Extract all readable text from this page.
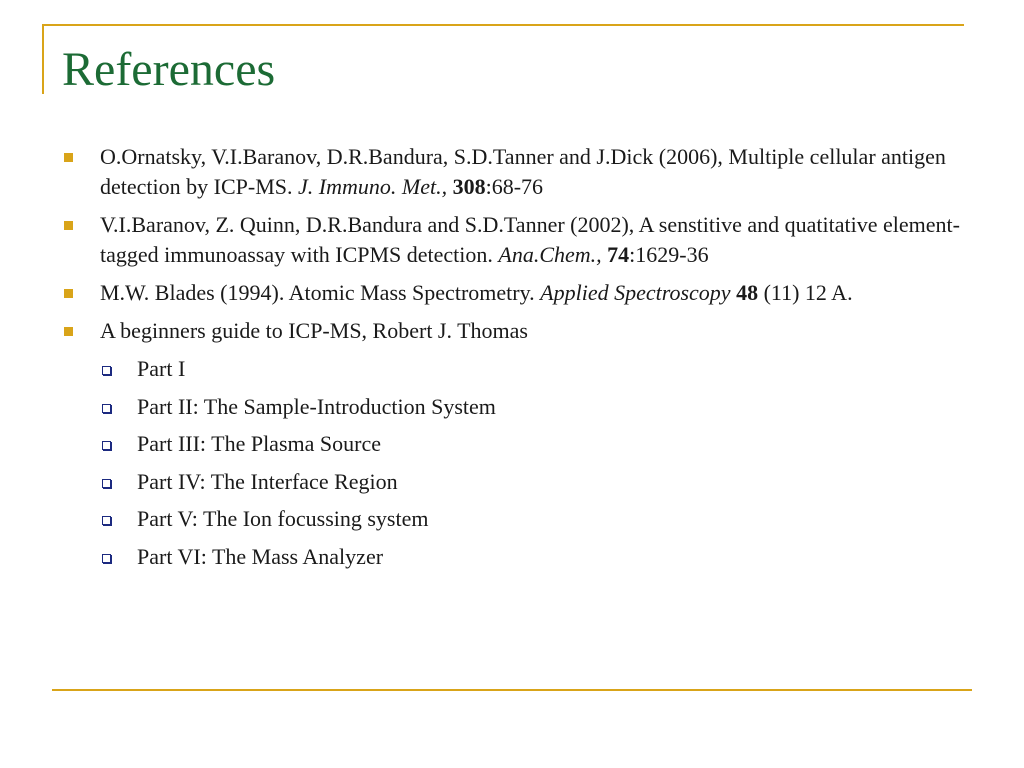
References
O.Ornatsky, V.I.Baranov, D.R.Bandura, S.D.Tanner and J.Dick (2006), Multiple cellular antigen detection by ICP-MS. J. Immuno. Met., 308:68-76
V.I.Baranov, Z. Quinn, D.R.Bandura and S.D.Tanner (2002), A senstitive and quatitative element-tagged immunoassay with ICPMS detection. Ana.Chem., 74:1629-36
M.W. Blades (1994). Atomic Mass Spectrometry. Applied Spectroscopy 48 (11) 12 A.
A beginners guide to ICP-MS, Robert J. Thomas
Part I
Part II: The Sample-Introduction System
Part III: The Plasma Source
Part IV: The Interface Region
Part V: The Ion focussing system
Part VI: The Mass Analyzer
